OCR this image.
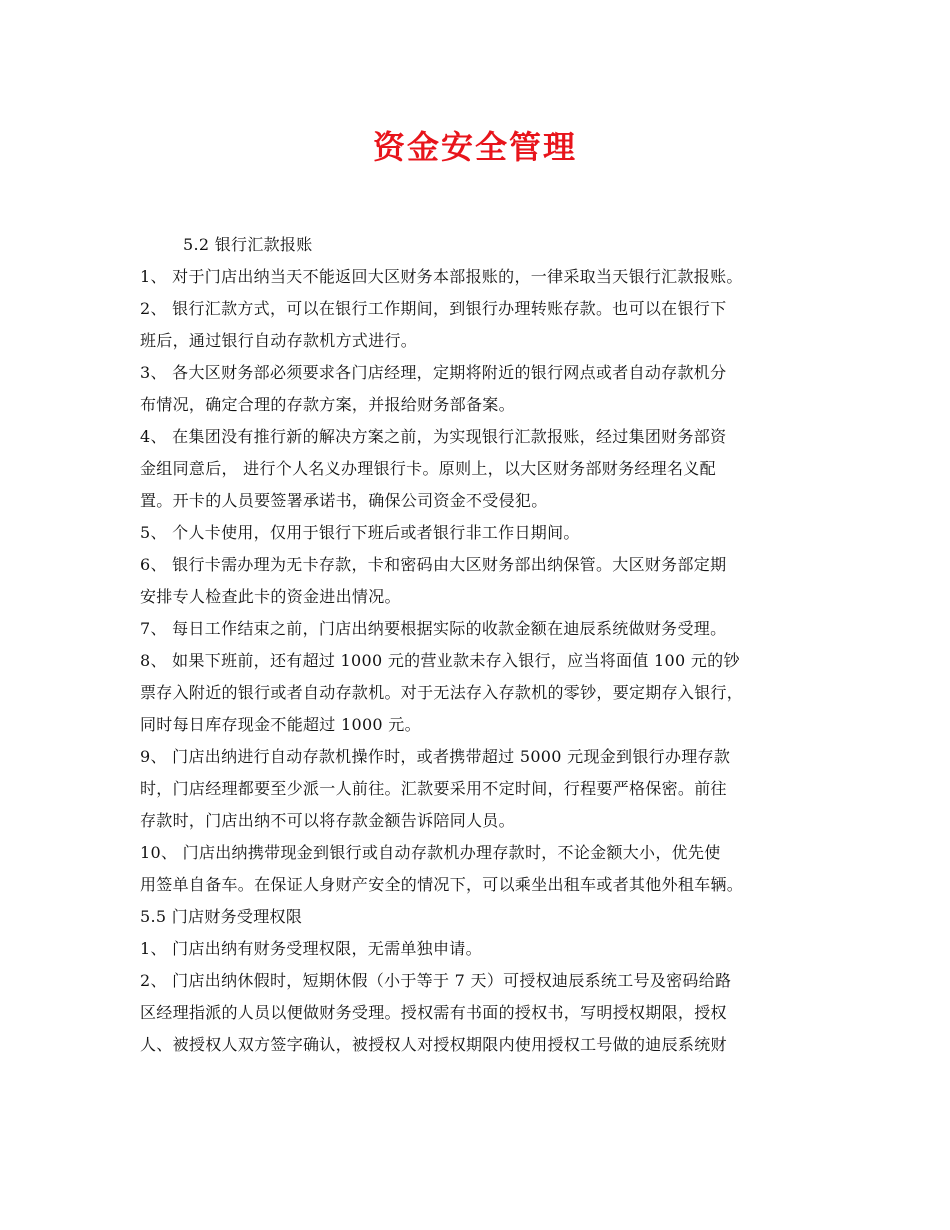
资金安全管理
5.2 银行汇款报账
1、 对于门店出纳当天不能返回大区财务本部报账的，一律采取当天银行汇款报账。
2、 银行汇款方式，可以在银行工作期间，到银行办理转账存款。也可以在银行下
班后，通过银行自动存款机方式进行。
3、 各大区财务部必须要求各门店经理，定期将附近的银行网点或者自动存款机分
布情况，确定合理的存款方案，并报给财务部备案。
4、 在集团没有推行新的解决方案之前，为实现银行汇款报账，经过集团财务部资
金组同意后， 进行个人名义办理银行卡。原则上，以大区财务部财务经理名义配
置。开卡的人员要签署承诺书，确保公司资金不受侵犯。
5、 个人卡使用，仅用于银行下班后或者银行非工作日期间。
6、 银行卡需办理为无卡存款，卡和密码由大区财务部出纳保管。大区财务部定期
安排专人检查此卡的资金进出情况。
7、 每日工作结束之前，门店出纳要根据实际的收款金额在迪辰系统做财务受理。
8、 如果下班前，还有超过 1000 元的营业款未存入银行，应当将面值 100 元的钞
票存入附近的银行或者自动存款机。对于无法存入存款机的零钞，要定期存入银行，
同时每日库存现金不能超过 1000 元。
9、 门店出纳进行自动存款机操作时，或者携带超过 5000 元现金到银行办理存款
时，门店经理都要至少派一人前往。汇款要采用不定时间，行程要严格保密。前往
存款时，门店出纳不可以将存款金额告诉陪同人员。
10、 门店出纳携带现金到银行或自动存款机办理存款时，不论金额大小，优先使
用签单自备车。在保证人身财产安全的情况下，可以乘坐出租车或者其他外租车辆。
5.5 门店财务受理权限
1、 门店出纳有财务受理权限，无需单独申请。
2、 门店出纳休假时，短期休假（小于等于 7 天）可授权迪辰系统工号及密码给路
区经理指派的人员以便做财务受理。授权需有书面的授权书，写明授权期限，授权
人、被授权人双方签字确认，被授权人对授权期限内使用授权工号做的迪辰系统财
